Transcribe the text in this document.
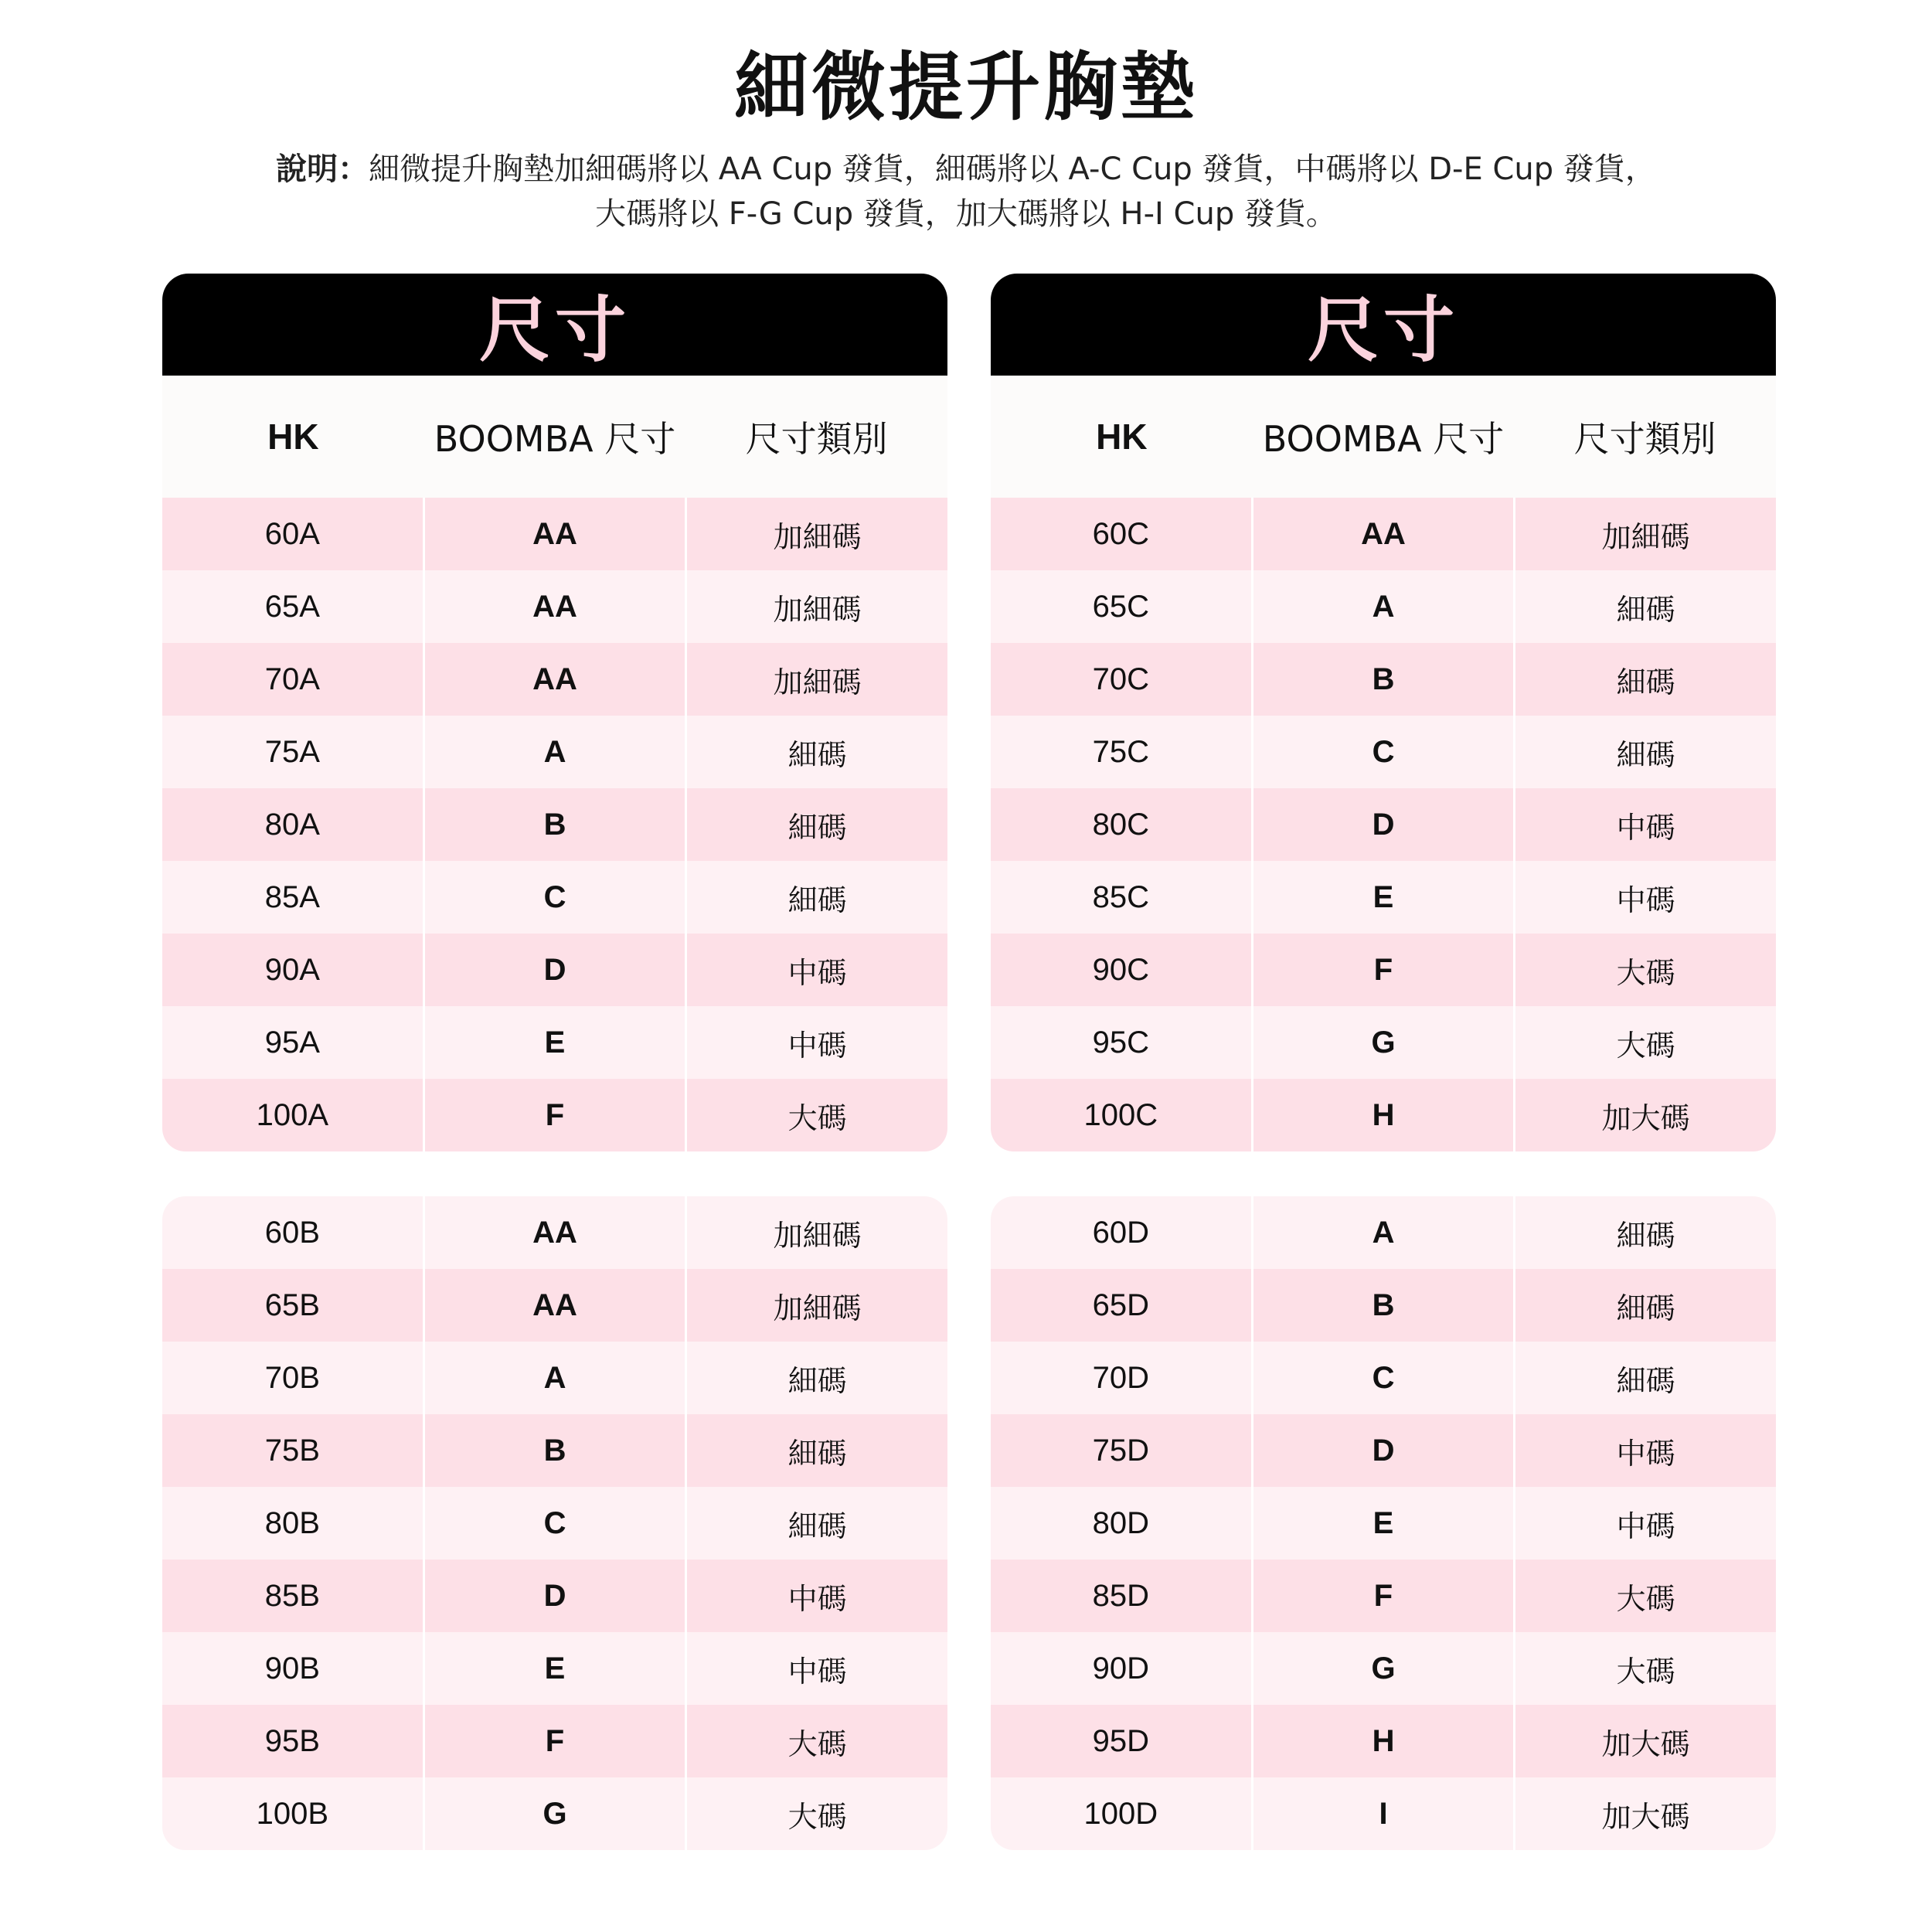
細微提升胸墊
說明：細微提升胸墊加細碼將以 AA Cup 發貨，細碼將以 A-C Cup 發貨，中碼將以 D-E Cup 發貨，
大碼將以 F-G Cup 發貨，加大碼將以 H-I Cup 發貨。
尺寸
HK	BOOMBA 尺寸	尺寸類別
60A	AA	加細碼
65A	AA	加細碼
70A	AA	加細碼
75A	A	細碼
80A	B	細碼
85A	C	細碼
90A	D	中碼
95A	E	中碼
100A	F	大碼
尺寸
HK	BOOMBA 尺寸	尺寸類別
60C	AA	加細碼
65C	A	細碼
70C	B	細碼
75C	C	細碼
80C	D	中碼
85C	E	中碼
90C	F	大碼
95C	G	大碼
100C	H	加大碼
60B	AA	加細碼
65B	AA	加細碼
70B	A	細碼
75B	B	細碼
80B	C	細碼
85B	D	中碼
90B	E	中碼
95B	F	大碼
100B	G	大碼
60D	A	細碼
65D	B	細碼
70D	C	細碼
75D	D	中碼
80D	E	中碼
85D	F	大碼
90D	G	大碼
95D	H	加大碼
100D	I	加大碼
